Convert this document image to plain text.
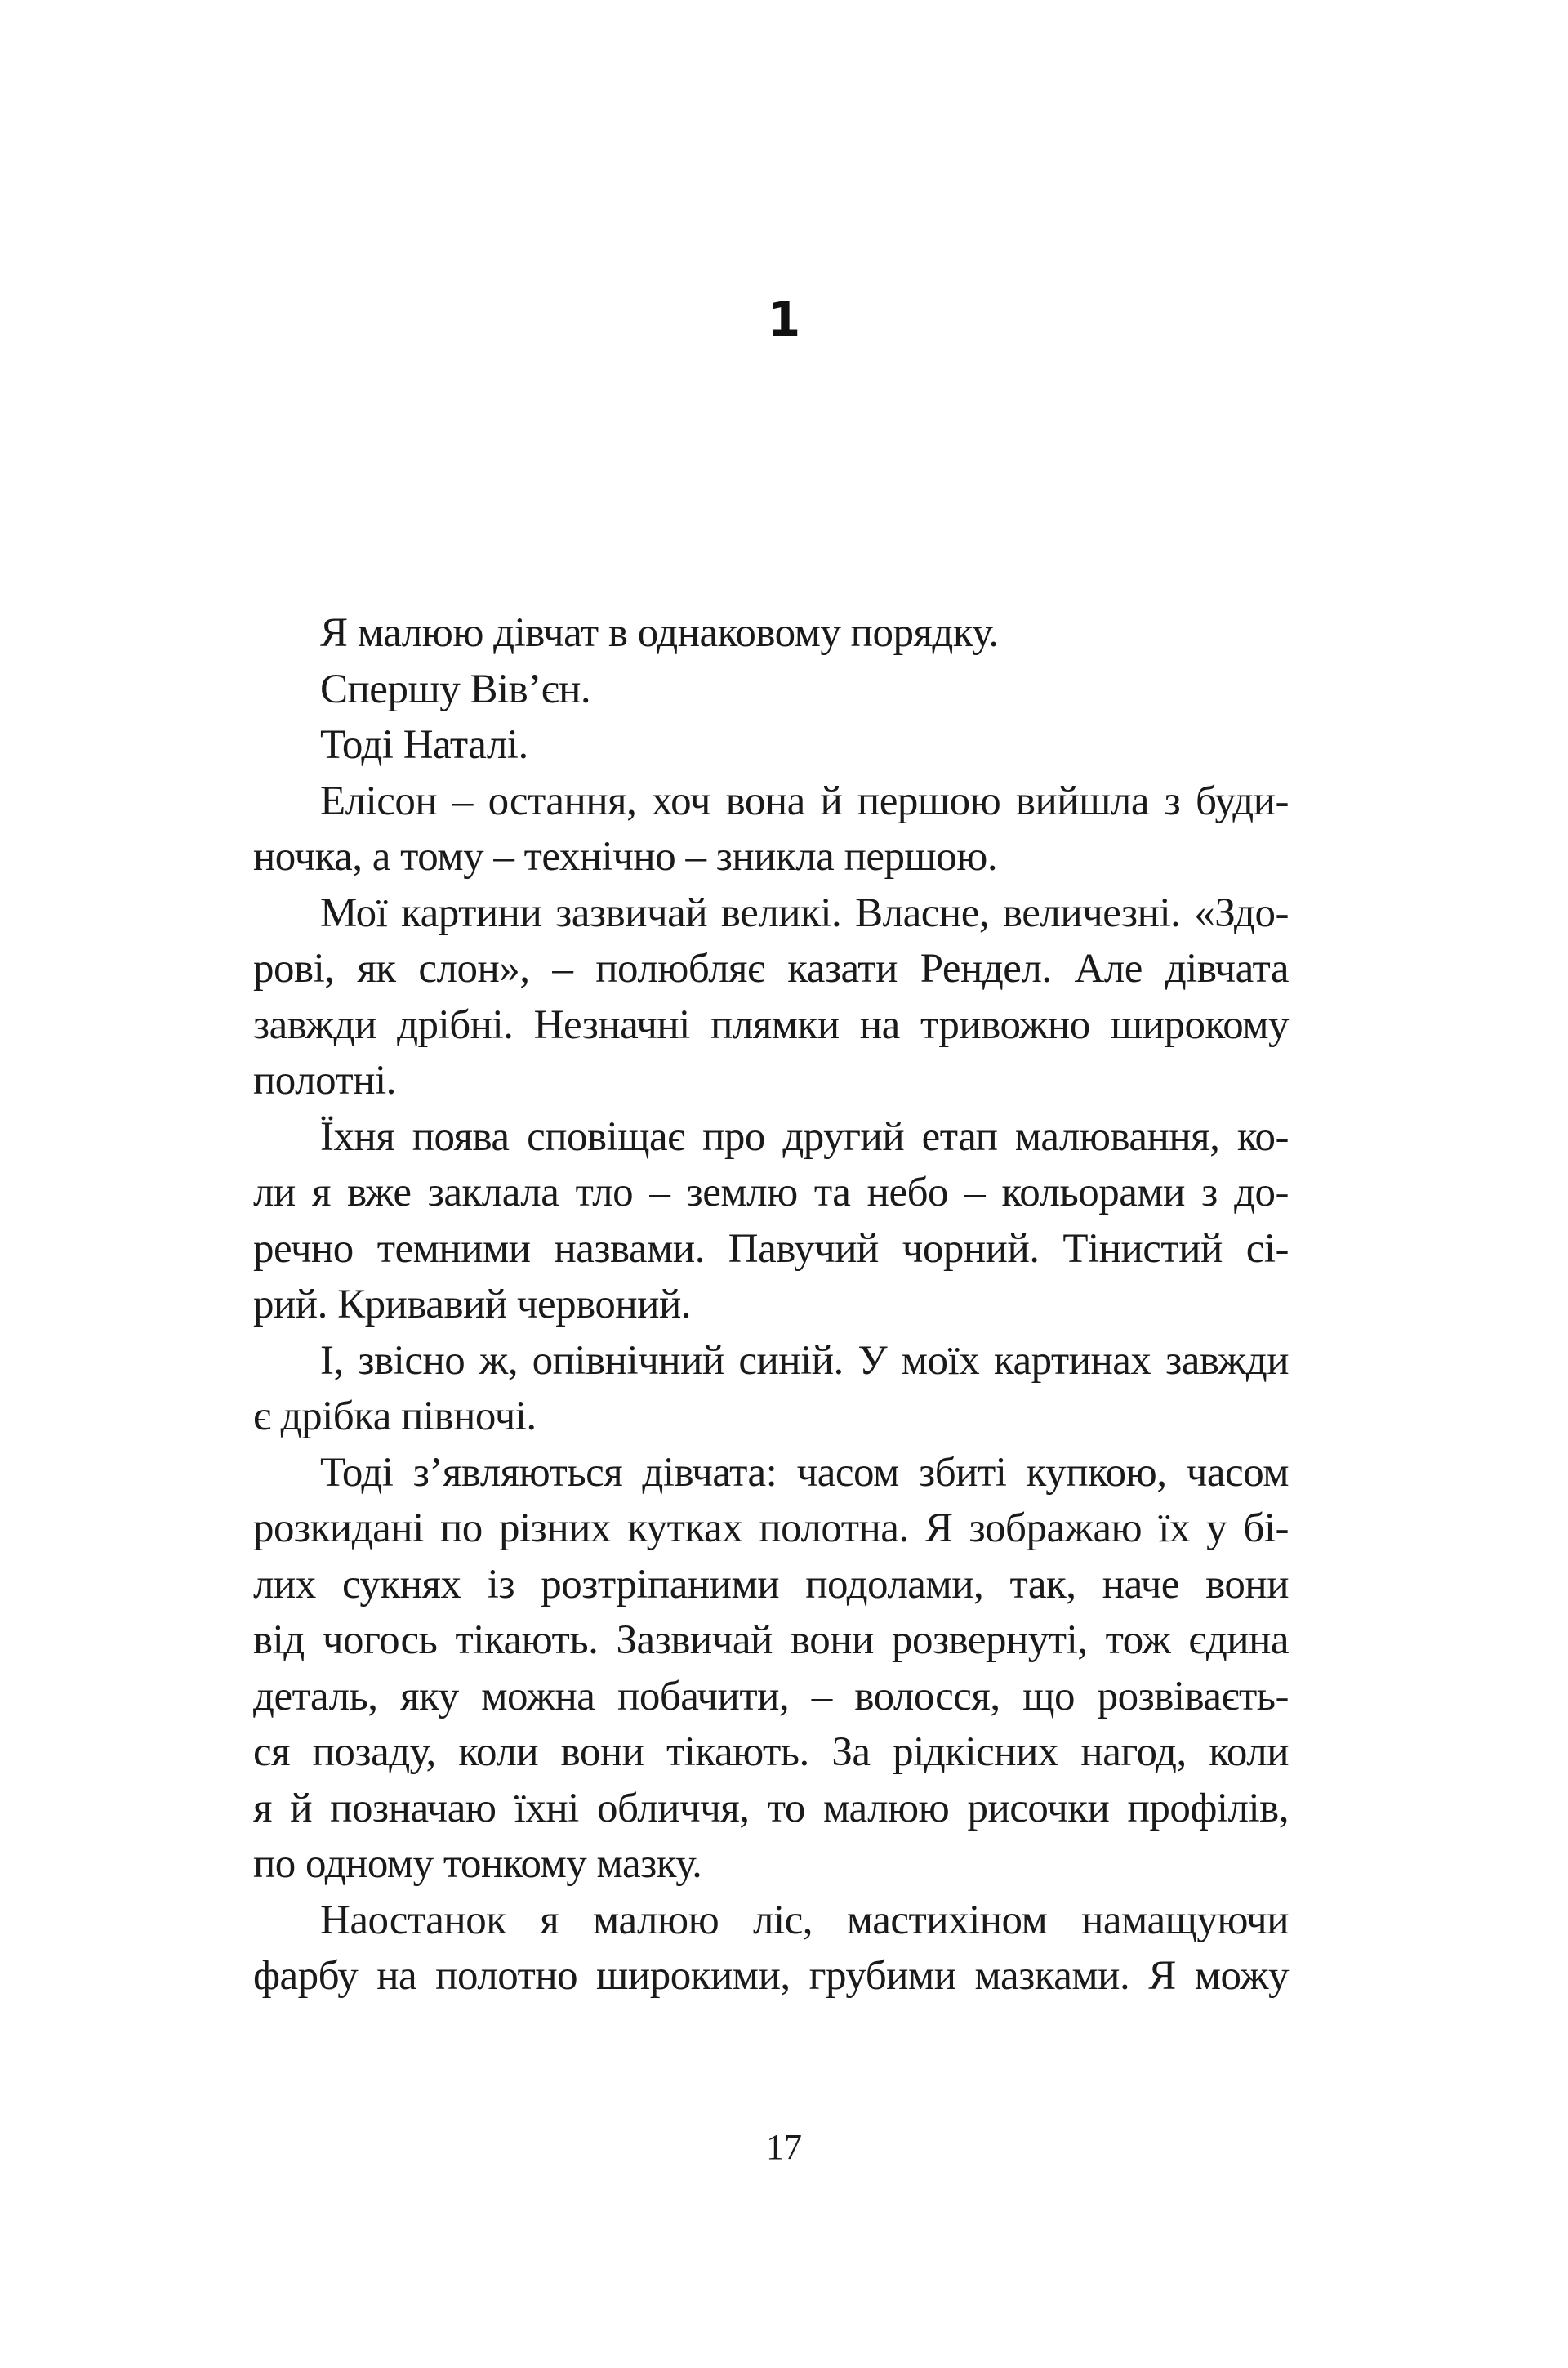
1
Я малюю дівчат в однаковому порядку.
Спершу Вів’єн.
Тоді Наталі.
Елісон – остання, хоч вона й першою вийшла з буди-
ночка, а тому – технічно – зникла першою.
Мої картини зазвичай великі. Власне, величезні. «Здо-
рові, як слон», – полюбляє казати Рендел. Але дівчата
завжди дрібні. Незначні плямки на тривожно широкому
полотні.
Їхня поява сповіщає про другий етап малювання, ко-
ли я вже заклала тло – землю та небо – кольорами з до-
речно темними назвами. Павучий чорний. Тінистий сі-
рий. Кривавий червоний.
І, звісно ж, опівнічний синій. У моїх картинах завжди
є дрібка півночі.
Тоді з’являються дівчата: часом збиті купкою, часом
розкидані по різних кутках полотна. Я зображаю їх у бі-
лих сукнях із розтріпаними подолами, так, наче вони
від чогось тікають. Зазвичай вони розвернуті, тож єдина
деталь, яку можна побачити, – волосся, що розвіваєть-
ся позаду, коли вони тікають. За рідкісних нагод, коли
я й позначаю їхні обличчя, то малюю рисочки профілів,
по одному тонкому мазку.
Наостанок я малюю ліс, мастихіном намащуючи
фарбу на полотно широкими, грубими мазками. Я можу
17
